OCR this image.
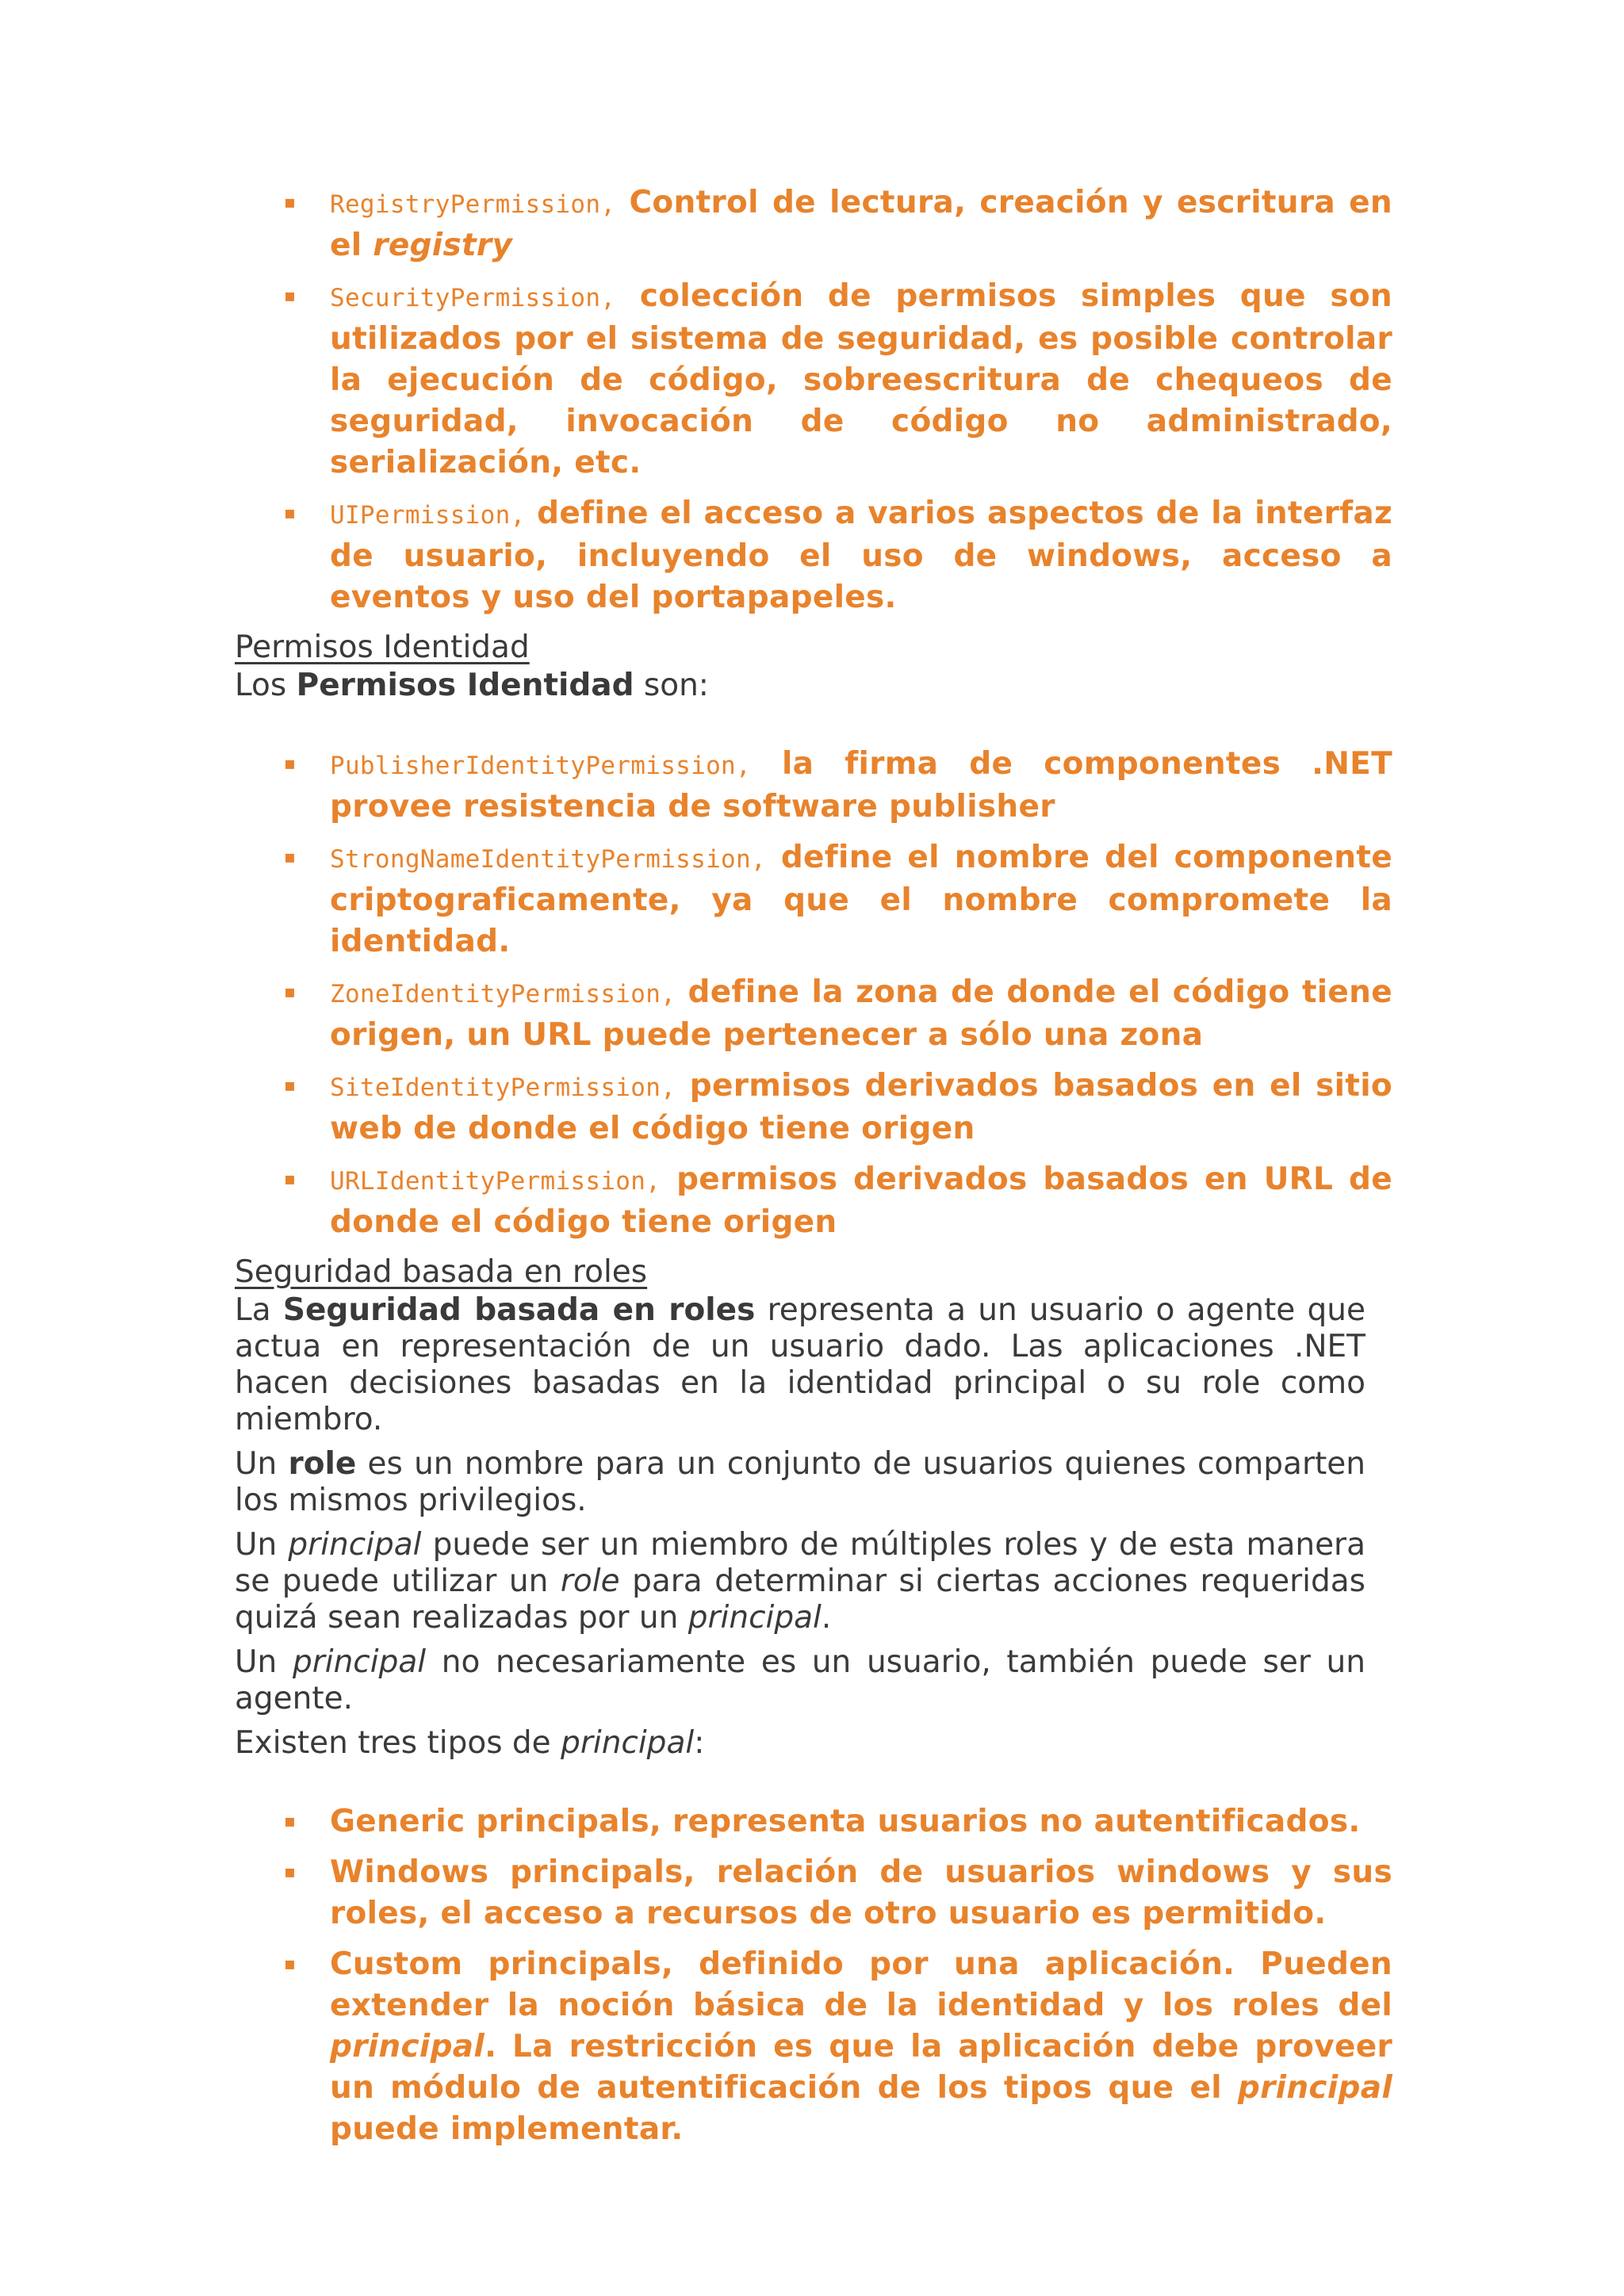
▪ RegistryPermission, Control de lectura, creación y escritura en el registry
▪ SecurityPermission, colección de permisos simples que son utilizados por el sistema de seguridad, es posible controlar la ejecución de código, sobreescritura de chequeos de seguridad, invocación de código no administrado, serialización, etc.
▪ UIPermission, define el acceso a varios aspectos de la interfaz de usuario, incluyendo el uso de windows, acceso a eventos y uso del portapapeles.
Permisos Identidad
Los Permisos Identidad son:
▪ PublisherIdentityPermission, la firma de componentes .NET provee resistencia de software publisher
▪ StrongNameIdentityPermission, define el nombre del componente criptograficamente, ya que el nombre compromete la identidad.
▪ ZoneIdentityPermission, define la zona de donde el código tiene origen, un URL puede pertenecer a sólo una zona
▪ SiteIdentityPermission, permisos derivados basados en el sitio web de donde el código tiene origen
▪ URLIdentityPermission, permisos derivados basados en URL de donde el código tiene origen
Seguridad basada en roles
La Seguridad basada en roles representa a un usuario o agente que actua en representación de un usuario dado. Las aplicaciones .NET hacen decisiones basadas en la identidad principal o su role como miembro.
Un role es un nombre para un conjunto de usuarios quienes comparten los mismos privilegios.
Un principal puede ser un miembro de múltiples roles y de esta manera se puede utilizar un role para determinar si ciertas acciones requeridas quizá sean realizadas por un principal.
Un principal no necesariamente es un usuario, también puede ser un agente.
Existen tres tipos de principal:
▪ Generic principals, representa usuarios no autentificados.
▪ Windows principals, relación de usuarios windows y sus roles, el acceso a recursos de otro usuario es permitido.
▪ Custom principals, definido por una aplicación. Pueden extender la noción básica de la identidad y los roles del principal. La restricción es que la aplicación debe proveer un módulo de autentificación de los tipos que el principal puede implementar.
